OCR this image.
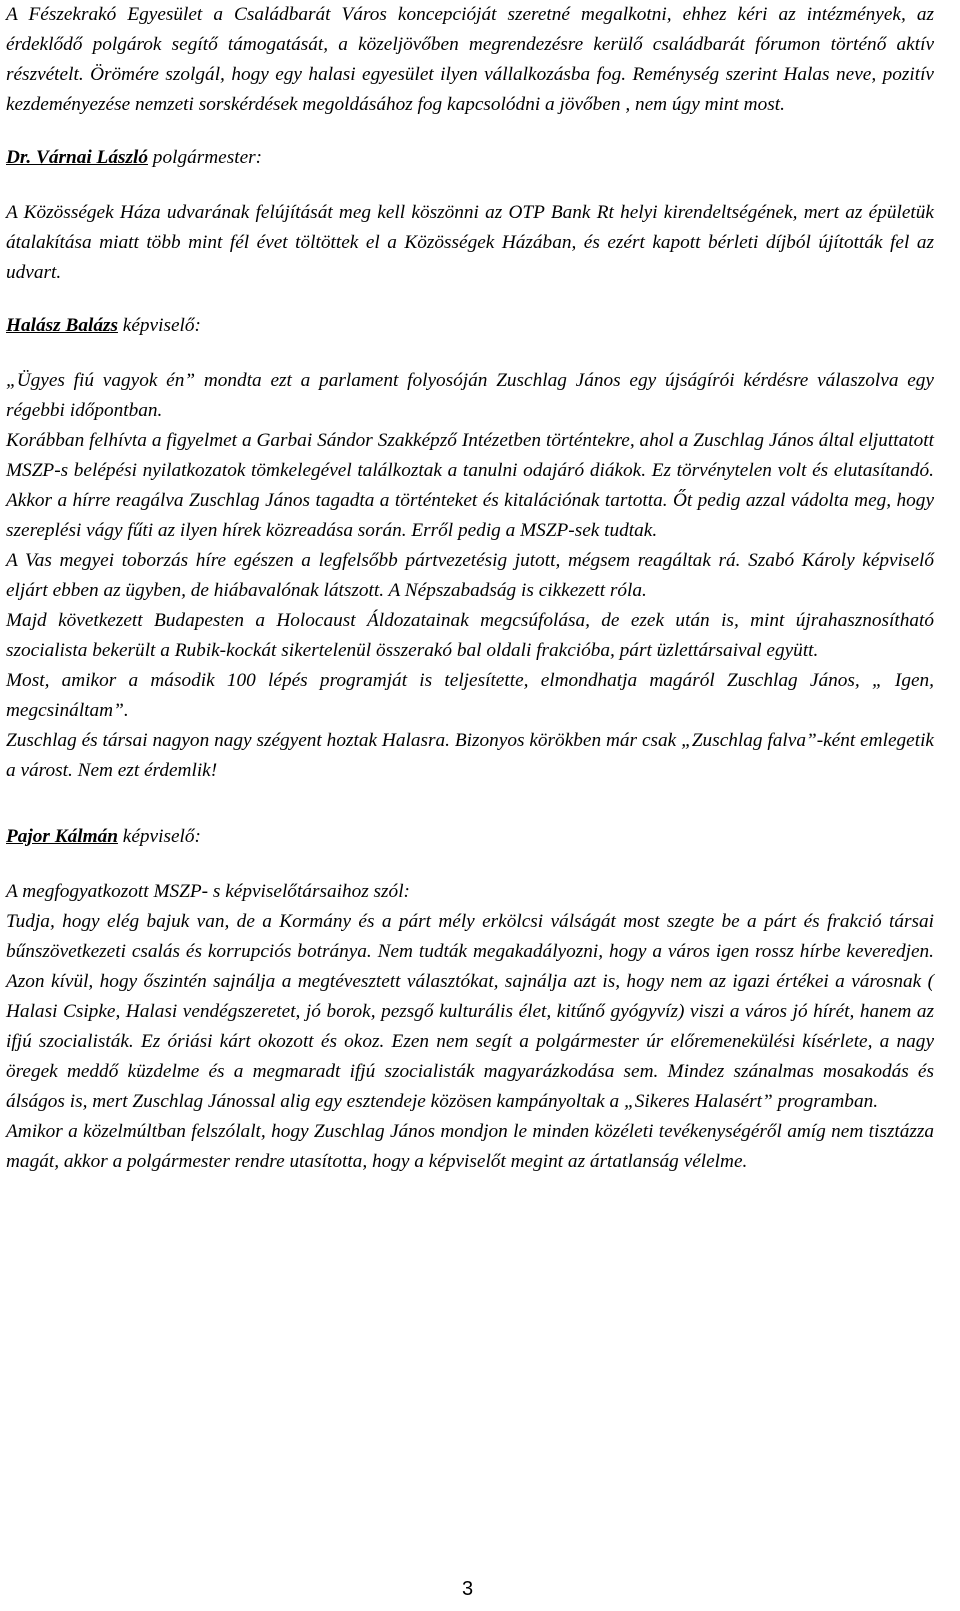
A Fészekrakó Egyesület a Családbarát Város koncepcióját szeretné megalkotni, ehhez kéri az intézmények, az érdeklődő polgárok segítő támogatását, a közeljövőben megrendezésre kerülő családbarát fórumon történő aktív részvételt. Örömére szolgál, hogy egy halasi egyesület ilyen vállalkozásba fog. Reménység szerint Halas neve, pozitív kezdeményezése nemzeti sorskérdések megoldásához fog kapcsolódni a jövőben , nem úgy mint most.

Dr. Várnai László polgármester:

A Közösségek Háza udvarának felújítását meg kell köszönni az OTP Bank Rt helyi kirendeltségének, mert az épületük átalakítása miatt több mint fél évet töltöttek el a Közösségek Házában, és ezért kapott bérleti díjból újították fel az udvart.

Halász Balázs képviselő:

„Ügyes fiú vagyok én” mondta ezt a parlament folyosóján Zuschlag János egy újságírói kérdésre válaszolva egy régebbi időpontban.

Korábban felhívta a figyelmet a Garbai Sándor Szakképző Intézetben történtekre, ahol a Zuschlag János által eljuttatott MSZP-s belépési nyilatkozatok tömkelegével találkoztak a tanulni odajáró diákok. Ez törvénytelen volt és elutasítandó. Akkor a hírre reagálva Zuschlag János tagadta a történteket és kitalációnak tartotta. Őt pedig azzal vádolta meg, hogy szereplési vágy fűti az ilyen hírek közreadása során. Erről pedig a MSZP-sek tudtak.

A Vas megyei toborzás híre egészen a legfelsőbb pártvezetésig jutott, mégsem reagáltak rá. Szabó Károly képviselő eljárt ebben az ügyben, de hiábavalónak látszott. A Népszabadság is cikkezett róla.

Majd következett Budapesten a Holocaust Áldozatainak megcsúfolása, de ezek után is, mint újrahasznosítható szocialista bekerült a Rubik-kockát sikertelenül összerakó bal oldali frakcióba, párt üzlettársaival együtt.

Most, amikor a második 100 lépés programját is teljesítette, elmondhatja magáról Zuschlag János, „ Igen, megcsináltam”.

Zuschlag és társai nagyon nagy szégyent hoztak Halasra. Bizonyos körökben már csak „Zuschlag falva”-ként emlegetik a várost. Nem ezt érdemlik!

Pajor Kálmán képviselő:

A megfogyatkozott MSZP- s képviselőtársaihoz szól:

Tudja, hogy elég bajuk van, de a Kormány és a párt mély erkölcsi válságát most szegte be a párt és frakció társai bűnszövetkezeti csalás és korrupciós botránya. Nem tudták megakadályozni, hogy a város igen rossz hírbe keveredjen. Azon kívül, hogy őszintén sajnálja a megtévesztett választókat, sajnálja azt is, hogy nem az igazi értékei a városnak ( Halasi Csipke, Halasi vendégszeretet, jó borok, pezsgő kulturális élet, kitűnő gyógyvíz) viszi a város jó hírét, hanem az ifjú szocialisták. Ez óriási kárt okozott és okoz. Ezen nem segít a polgármester úr előremenekülési kísérlete, a nagy öregek meddő küzdelme és a megmaradt ifjú szocialisták magyarázkodása sem. Mindez szánalmas mosakodás és álságos is, mert Zuschlag Jánossal alig egy esztendeje közösen kampányoltak a „Sikeres Halasért” programban.

Amikor a közelmúltban felszólalt, hogy Zuschlag János mondjon le minden közéleti tevékenységéről amíg nem tisztázza magát, akkor a polgármester rendre utasította, hogy a képviselőt megint az ártatlanság vélelme.

3
